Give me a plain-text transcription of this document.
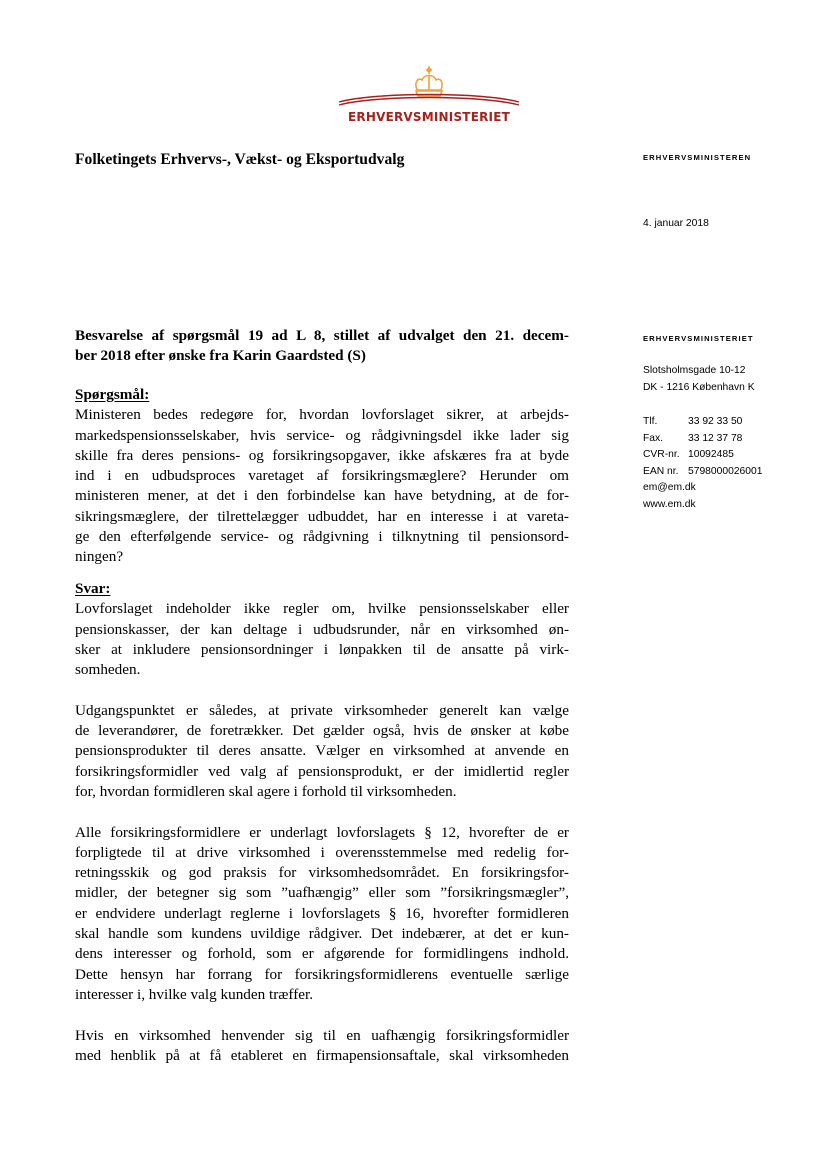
ERHVERVSMINISTERIET
Folketingets Erhvervs-, Vækst- og Eksportudvalg	ERHVERVSMINISTEREN
4. januar 2018
ERHVERVSMINISTERIET
Slotsholmsgade 10-12
DK - 1216 København K
Tlf.	33 92 33 50
Fax. 33 12 37 78
CVR-nr. 10092485
EAN nr. 5798000026001
em@em.dk
www.em.dk
Besvarelse af spørgsmål 19 ad L 8, stillet af udvalget den 21. decem-
ber 2018 efter ønske fra Karin Gaardsted (S)
Spørgsmål:
Ministeren bedes redegøre for, hvordan lovforslaget sikrer, at arbejds-
markedspensionsselskaber, hvis service- og rådgivningsdel ikke lader sig
skille fra deres pensions- og forsikringsopgaver, ikke afskæres fra at byde
ind i en udbudsproces varetaget af forsikringsmæglere? Herunder om
ministeren mener, at det i den forbindelse kan have betydning, at de for-
sikringsmæglere, der tilrettelægger udbuddet, har en interesse i at vareta-
ge den efterfølgende service- og rådgivning i tilknytning til pensionsord-
ningen?
Svar:
Lovforslaget indeholder ikke regler om, hvilke pensionsselskaber eller
pensionskasser, der kan deltage i udbudsrunder, når en virksomhed øn-
sker at inkludere pensionsordninger i lønpakken til de ansatte på virk-
somheden.
Udgangspunktet er således, at private virksomheder generelt kan vælge
de leverandører, de foretrækker. Det gælder også, hvis de ønsker at købe
pensionsprodukter til deres ansatte. Vælger en virksomhed at anvende en
forsikringsformidler ved valg af pensionsprodukt, er der imidlertid regler
for, hvordan formidleren skal agere i forhold til virksomheden.
Alle forsikringsformidlere er underlagt lovforslagets § 12, hvorefter de er
forpligtede til at drive virksomhed i overensstemmelse med redelig for-
retningsskik og god praksis for virksomhedsområdet. En forsikringsfor-
midler, der betegner sig som ”uafhængig” eller som ”forsikringsmægler”,
er endvidere underlagt reglerne i lovforslagets § 16, hvorefter formidleren
skal handle som kundens uvildige rådgiver. Det indebærer, at det er kun-
dens interesser og forhold, som er afgørende for formidlingens indhold.
Dette hensyn har forrang for forsikringsformidlerens eventuelle særlige
interesser i, hvilke valg kunden træffer.
Hvis en virksomhed henvender sig til en uafhængig forsikringsformidler
med henblik på at få etableret en firmapensionsaftale, skal virksomheden
